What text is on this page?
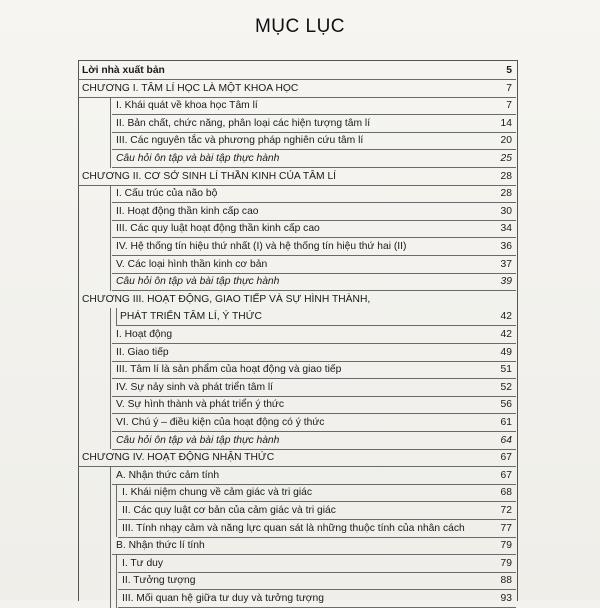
MỤC LỤC
Lời nhà xuất bản	5
CHƯƠNG I. TÂM LÍ HỌC LÀ MỘT KHOA HỌC	7
I. Khái quát về khoa học Tâm lí	7
II. Bản chất, chức năng, phân loại các hiện tượng tâm lí	14
III. Các nguyên tắc và phương pháp nghiên cứu tâm lí	20
Câu hỏi ôn tập và bài tập thực hành	25
CHƯƠNG II. CƠ SỞ SINH LÍ THẦN KINH CỦA TÂM LÍ	28
I. Cấu trúc của não bộ	28
II. Hoạt động thần kinh cấp cao	30
III. Các quy luật hoạt động thần kinh cấp cao	34
IV. Hệ thống tín hiệu thứ nhất (I) và hệ thống tín hiệu thứ hai (II)	36
V. Các loại hình thần kinh cơ bản	37
Câu hỏi ôn tập và bài tập thực hành	39
CHƯƠNG III. HOẠT ĐỘNG, GIAO TIẾP VÀ SỰ HÌNH THÀNH,
PHÁT TRIỂN TÂM LÍ, Ý THỨC	42
I. Hoạt động	42
II. Giao tiếp	49
III. Tâm lí là sản phẩm của hoạt động và giao tiếp	51
IV. Sự nảy sinh và phát triển tâm lí	52
V. Sự hình thành và phát triển ý thức	56
VI. Chú ý – điều kiện của hoạt động có ý thức	61
Câu hỏi ôn tập và bài tập thực hành	64
CHƯƠNG IV. HOẠT ĐỘNG NHẬN THỨC	67
A. Nhận thức cảm tính	67
I. Khái niệm chung về cảm giác và tri giác	68
II. Các quy luật cơ bản của cảm giác và tri giác	72
III. Tính nhạy cảm và năng lực quan sát là những thuộc tính của nhân cách	77
B. Nhận thức lí tính	79
I. Tư duy	79
II. Tưởng tượng	88
III. Mối quan hệ giữa tư duy và tưởng tượng	93
